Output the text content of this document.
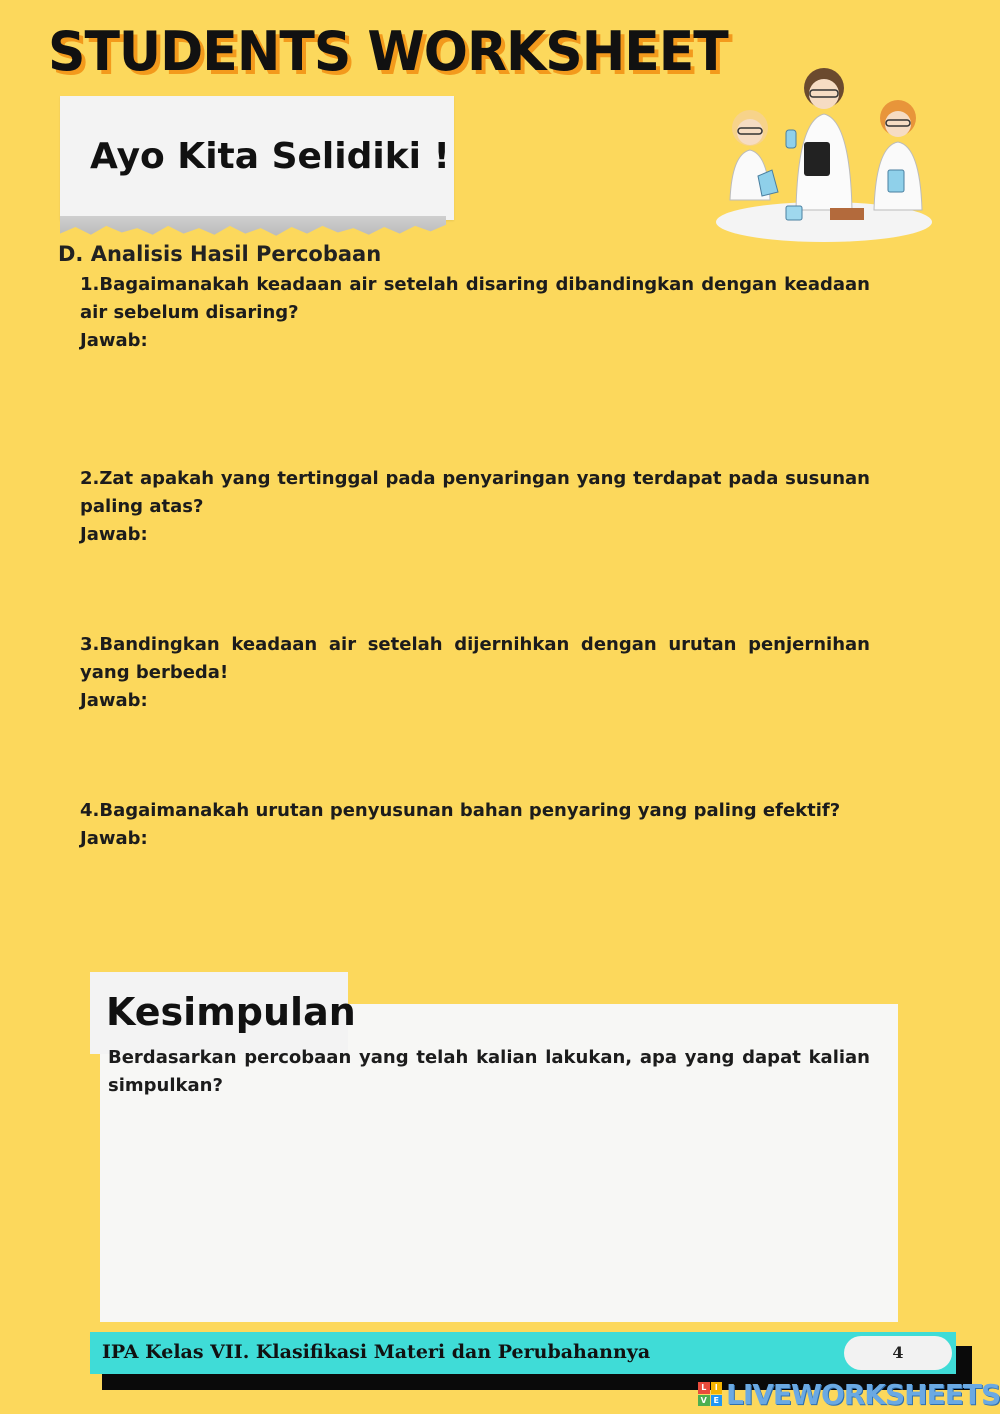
STUDENTS WORKSHEET
Ayo Kita Selidiki !
D. Analisis Hasil Percobaan
1.Bagaimanakah keadaan air setelah disaring dibandingkan dengan keadaan air sebelum disaring?
Jawab:
2.Zat apakah yang tertinggal pada penyaringan yang terdapat pada susunan paling atas?
Jawab:
3.Bandingkan keadaan air setelah dijernihkan dengan urutan penjernihan yang berbeda!
Jawab:
4.Bagaimanakah urutan penyusunan bahan penyaring yang paling efektif?
Jawab:
Kesimpulan
Berdasarkan percobaan yang telah kalian lakukan, apa yang dapat kalian simpulkan?
IPA Kelas VII. Klasifikasi Materi dan Perubahannya	4
L	I
V E LIVEWORKSHEETS
